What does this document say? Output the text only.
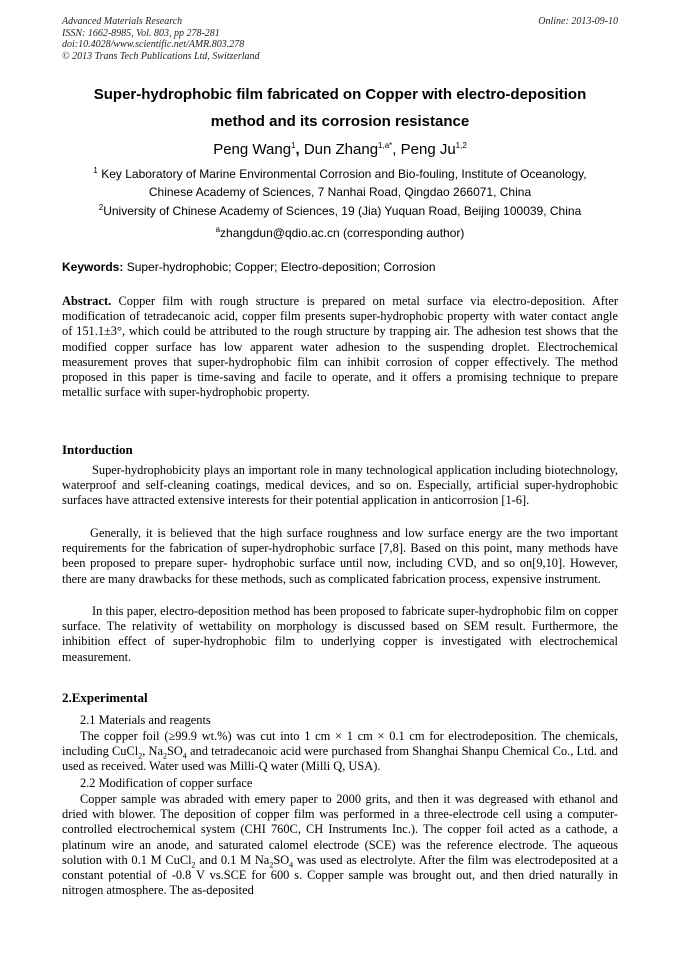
Advanced Materials Research
ISSN: 1662-8985, Vol. 803, pp 278-281
doi:10.4028/www.scientific.net/AMR.803.278
© 2013 Trans Tech Publications Ltd, Switzerland
Online: 2013-09-10
Super-hydrophobic film fabricated on Copper with electro-deposition
method and its corrosion resistance
Peng Wang$^1$, Dun Zhang$^{1,a*}$, Peng Ju$^{1,2}$
$^1$ Key Laboratory of Marine Environmental Corrosion and Bio-fouling, Institute of Oceanology,
Chinese Academy of Sciences, 7 Nanhai Road, Qingdao 266071, China
$^2$University of Chinese Academy of Sciences, 19 (Jia) Yuquan Road, Beijing 100039, China
$^a$zhangdun@qdio.ac.cn (corresponding author)
Keywords: Super-hydrophobic; Copper; Electro-deposition; Corrosion
Abstract. Copper film with rough structure is prepared on metal surface via electro-deposition. After modification of tetradecanoic acid, copper film presents super-hydrophobic property with water contact angle of 151.1±3°, which could be attributed to the rough structure by trapping air. The adhesion test shows that the modified copper surface has low apparent water adhesion to the suspending droplet. Electrochemical measurement proves that super-hydrophobic film can inhibit corrosion of copper effectively. The method proposed in this paper is time-saving and facile to operate, and it offers a promising technique to prepare metallic surface with super-hydrophobic property.
Intorduction
Super-hydrophobicity plays an important role in many technological application including biotechnology, waterproof and self-cleaning coatings, medical devices, and so on. Especially, artificial super-hydrophobic surfaces have attracted extensive interests for their potential application in anticorrosion [1-6].
Generally, it is believed that the high surface roughness and low surface energy are the two important requirements for the fabrication of super-hydrophobic surface [7,8]. Based on this point, many methods have been proposed to prepare super- hydrophobic surface until now, including CVD, and so on[9,10]. However, there are many drawbacks for these methods, such as complicated fabrication process, expensive instrument.
In this paper, electro-deposition method has been proposed to fabricate super-hydrophobic film on copper surface. The relativity of wettability on morphology is discussed based on SEM result. Furthermore, the inhibition effect of super-hydrophobic film to underlying copper is investigated with electrochemical measurement.
2.Experimental
2.1 Materials and reagents
The copper foil (≥99.9 wt.%) was cut into 1 cm × 1 cm × 0.1 cm for electrodeposition. The chemicals, including CuCl$_2$, $Na_2SO_4$ and tetradecanoic acid were purchased from Shanghai Shanpu Chemical Co., Ltd. and used as received. Water used was Milli-Q water (Milli Q, USA).
2.2 Modification of copper surface
Copper sample was abraded with emery paper to 2000 grits, and then it was degreased with ethanol and dried with blower. The deposition of copper film was performed in a three-electrode cell using a computer-controlled electrochemical system (CHI 760C, CH Instruments Inc.). The copper foil acted as a cathode, a platinum wire an anode, and saturated calomel electrode (SCE) was the reference electrode. The aqueous solution with 0.1 M CuCl$_2$ and 0.1 M $Na_2SO_4$ was used as electrolyte. After the film was electrodeposited at a constant potential of -0.8 V vs.SCE for 600 s. Copper sample was brought out, and then dried naturally in nitrogen atmosphere. The as-deposited
